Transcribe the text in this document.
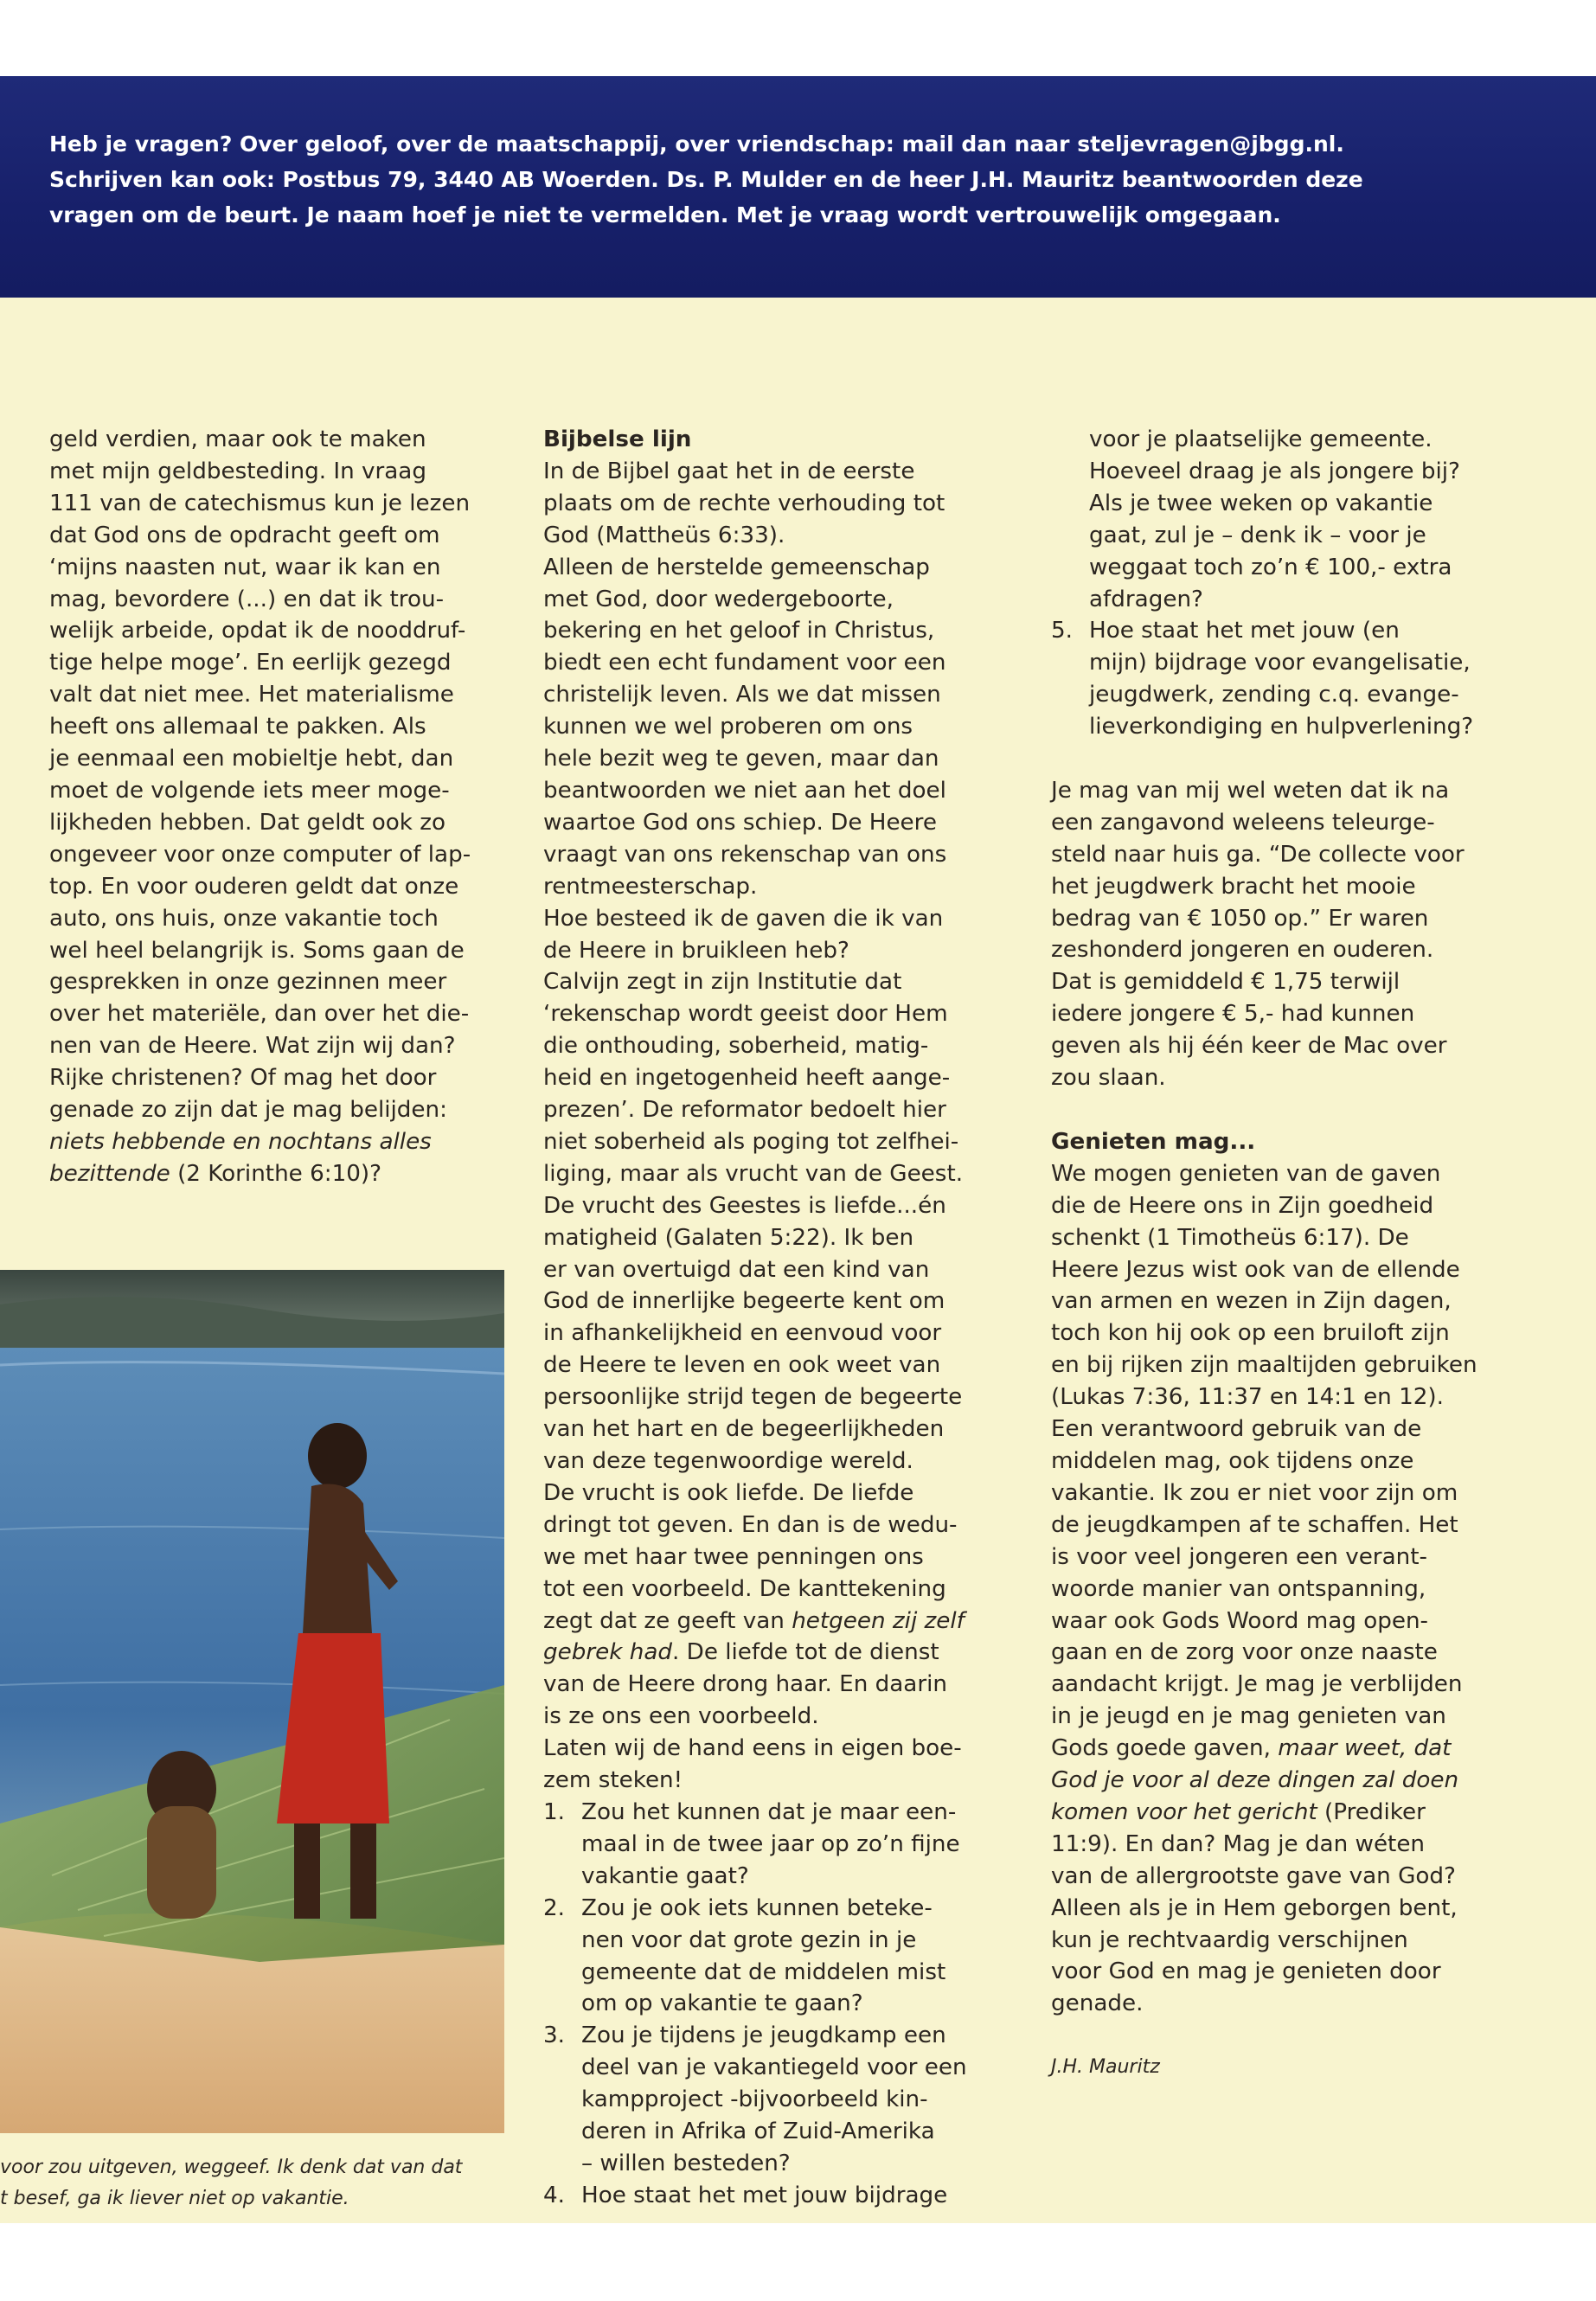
Heb je vragen? Over geloof, over de maatschappij, over vriendschap: mail dan naar steljevragen@jbgg.nl.
Schrijven kan ook: Postbus 79, 3440 AB Woerden. Ds. P. Mulder en de heer J.H. Mauritz beantwoorden deze
vragen om de beurt. Je naam hoef je niet te vermelden. Met je vraag wordt vertrouwelijk omgegaan.

geld verdien, maar ook te maken

met mijn geldbesteding. In vraag

111 van de catechismus kun je lezen

dat God ons de opdracht geeft om

‘mijns naasten nut, waar ik kan en

mag, bevordere (...) en dat ik trou-

welijk arbeide, opdat ik de nooddruf-

tige helpe moge’. En eerlijk gezegd

valt dat niet mee. Het materialisme

heeft ons allemaal te pakken. Als

je eenmaal een mobieltje hebt, dan

moet de volgende iets meer moge-

lijkheden hebben. Dat geldt ook zo

ongeveer voor onze computer of lap-

top. En voor ouderen geldt dat onze

auto, ons huis, onze vakantie toch

wel heel belangrijk is. Soms gaan de

gesprekken in onze gezinnen meer

over het materiële, dan over het die-

nen van de Heere. Wat zijn wij dan?

Rijke christenen? Of mag het door

genade zo zijn dat je mag belijden:

niets hebbende en nochtans alles

bezittende (2 Korinthe 6:10)?

voor zou uitgeven, weggeef. Ik denk dat van dat
t besef, ga ik liever niet op vakantie.

Bijbelse lijn

In de Bijbel gaat het in de eerste

plaats om de rechte verhouding tot

God (Mattheüs 6:33).

Alleen de herstelde gemeenschap

met God, door wedergeboorte,

bekering en het geloof in Christus,

biedt een echt fundament voor een

christelijk leven. Als we dat missen

kunnen we wel proberen om ons

hele bezit weg te geven, maar dan

beantwoorden we niet aan het doel

waartoe God ons schiep. De Heere

vraagt van ons rekenschap van ons

rentmeesterschap.

Hoe besteed ik de gaven die ik van

de Heere in bruikleen heb?

Calvijn zegt in zijn Institutie dat

‘rekenschap wordt geeist door Hem

die onthouding, soberheid, matig-

heid en ingetogenheid heeft aange-

prezen’. De reformator bedoelt hier

niet soberheid als poging tot zelfhei-

liging, maar als vrucht van de Geest.

De vrucht des Geestes is liefde...én

matigheid (Galaten 5:22). Ik ben

er van overtuigd dat een kind van

God de innerlijke begeerte kent om

in afhankelijkheid en eenvoud voor

de Heere te leven en ook weet van

persoonlijke strijd tegen de begeerte

van het hart en de begeerlijkheden

van deze tegenwoordige wereld.

De vrucht is ook liefde. De liefde

dringt tot geven. En dan is de wedu-

we met haar twee penningen ons

tot een voorbeeld. De kanttekening

zegt dat ze geeft van hetgeen zij zelf

gebrek had. De liefde tot de dienst

van de Heere drong haar. En daarin

is ze ons een voorbeeld.

Laten wij de hand eens in eigen boe-

zem steken!

1. Zou het kunnen dat je maar een-

maal in de twee jaar op zo’n fijne

vakantie gaat?

2. Zou je ook iets kunnen beteke-

nen voor dat grote gezin in je

gemeente dat de middelen mist

om op vakantie te gaan?

3. Zou je tijdens je jeugdkamp een

deel van je vakantiegeld voor een

kampproject -bijvoorbeeld kin-

deren in Afrika of Zuid-Amerika

– willen besteden?

4. Hoe staat het met jouw bijdrage

voor je plaatselijke gemeente.

Hoeveel draag je als jongere bij?

Als je twee weken op vakantie

gaat, zul je – denk ik – voor je

weggaat toch zo’n € 100,- extra

afdragen?

5. Hoe staat het met jouw (en

mijn) bijdrage voor evangelisatie,

jeugdwerk, zending c.q. evange-

lieverkondiging en hulpverlening?

Je mag van mij wel weten dat ik na

een zangavond weleens teleurge-

steld naar huis ga. “De collecte voor

het jeugdwerk bracht het mooie

bedrag van € 1050 op.” Er waren

zeshonderd jongeren en ouderen.

Dat is gemiddeld € 1,75 terwijl

iedere jongere € 5,- had kunnen

geven als hij één keer de Mac over

zou slaan.

Genieten mag...

We mogen genieten van de gaven

die de Heere ons in Zijn goedheid

schenkt (1 Timotheüs 6:17). De

Heere Jezus wist ook van de ellende

van armen en wezen in Zijn dagen,

toch kon hij ook op een bruiloft zijn

en bij rijken zijn maaltijden gebruiken

(Lukas 7:36, 11:37 en 14:1 en 12).

Een verantwoord gebruik van de

middelen mag, ook tijdens onze

vakantie. Ik zou er niet voor zijn om

de jeugdkampen af te schaffen. Het

is voor veel jongeren een verant-

woorde manier van ontspanning,

waar ook Gods Woord mag open-

gaan en de zorg voor onze naaste

aandacht krijgt. Je mag je verblijden

in je jeugd en je mag genieten van

Gods goede gaven, maar weet, dat

God je voor al deze dingen zal doen

komen voor het gericht (Prediker

11:9). En dan? Mag je dan wéten

van de allergrootste gave van God?

Alleen als je in Hem geborgen bent,

kun je rechtvaardig verschijnen

voor God en mag je genieten door

genade.

J.H. Mauritz
